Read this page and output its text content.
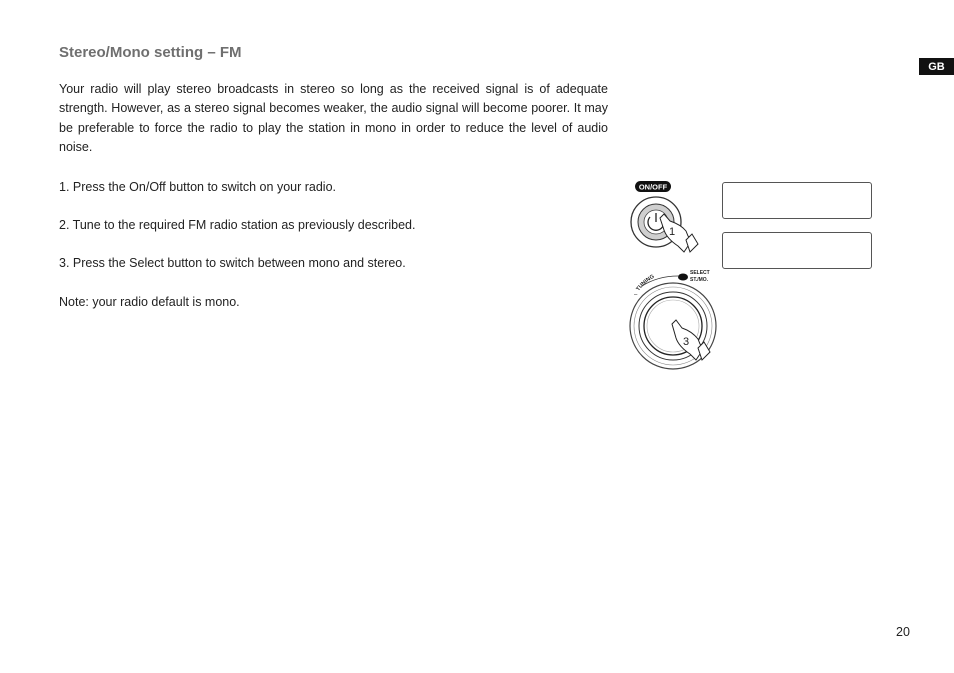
Stereo/Mono setting – FM
GB

Your radio will play stereo broadcasts in stereo so long as the received signal is of adequate strength. However, as a stereo signal becomes weaker, the audio signal will become poorer. It may be preferable to force the radio to play the station in mono in order to reduce the level of audio noise.

1. Press the On/Off button to switch on your radio.

2. Tune to the required FM radio station as previously described.

3. Press the Select button to switch between mono and stereo.

Note: your radio default is mono.

ON/OFF
1
TUNING
–
SELECT
ST./MO.
3
20
